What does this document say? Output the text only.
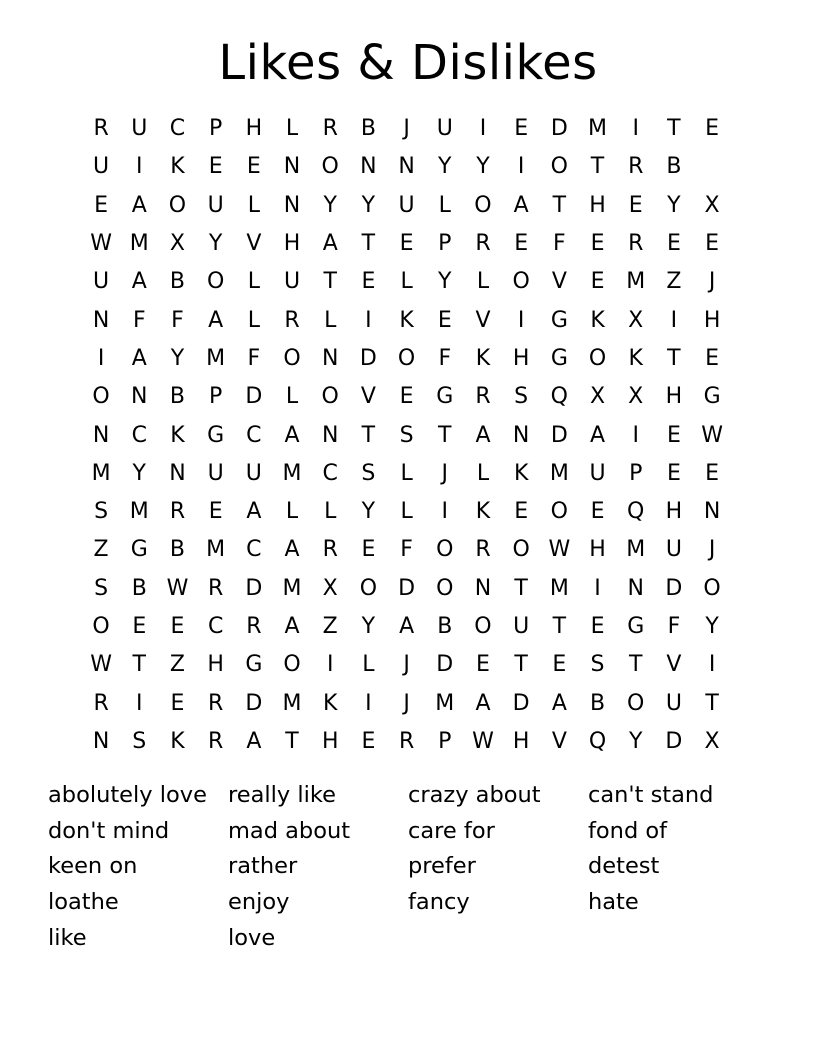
Likes & Dislikes
R	U	C	P	H	L	R	B	J	U	I	E	D M	I	T	E
U	I	K	E	E	N O N N	Y	Y	I	O	T	R	B
E	A O U	L	N	Y	Y	U	L	O	A	T	H	E	Y	X
W M X	Y	V	H	A	T	E	P	R	E	F	E	R	E	E
U	A	B O	L	U	T	E	L	Y	L	O	V	E M Z	J
N	F	F	A	L	R	L	I	K	E	V	I	G	K	X	I	H
I	A	Y M	F	O N D O	F	K	H G O	K	T	E
O N	B	P	D	L	O	V	E	G	R	S	Q X	X	H G
N	C	K	G C	A	N	T	S	T	A	N D	A	I	E W
M Y	N U	U M C	S	L	J	L	K M U	P	E	E
S M R	E	A	L	L	Y	L	I	K	E	O	E	Q H N
Z	G	B M C	A	R	E	F	O R O W H M U	J
S	B W R	D M X O D O N	T M	I	N D O
O	E	E	C	R	A	Z	Y	A	B O U	T	E	G	F	Y
W T	Z	H G O	I	L	J	D	E	T	E	S	T	V	I
R	I	E	R	D M K	I	J	M A	D	A	B O U	T
N	S	K	R	A	T	H	E	R	P W H	V Q	Y	D	X
abolutely love
don't mind
keen on
loathe
like
really like
mad about
rather
enjoy
love
crazy about
care for
prefer
fancy
can't stand
fond of
detest
hate
